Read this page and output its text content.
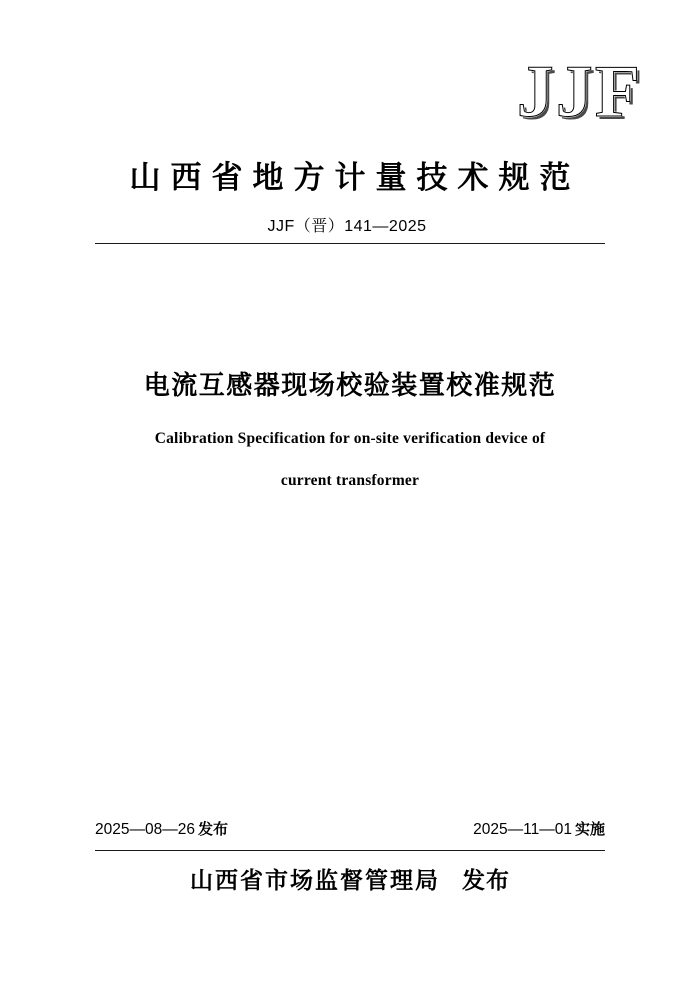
JJF
山西省地方计量技术规范
JJF（晋）141—2025
电流互感器现场校验装置校准规范
Calibration Specification for on-site verification device of
current transformer
2025—08—26 发布	2025—11—01 实施
山西省市场监督管理局 发布
